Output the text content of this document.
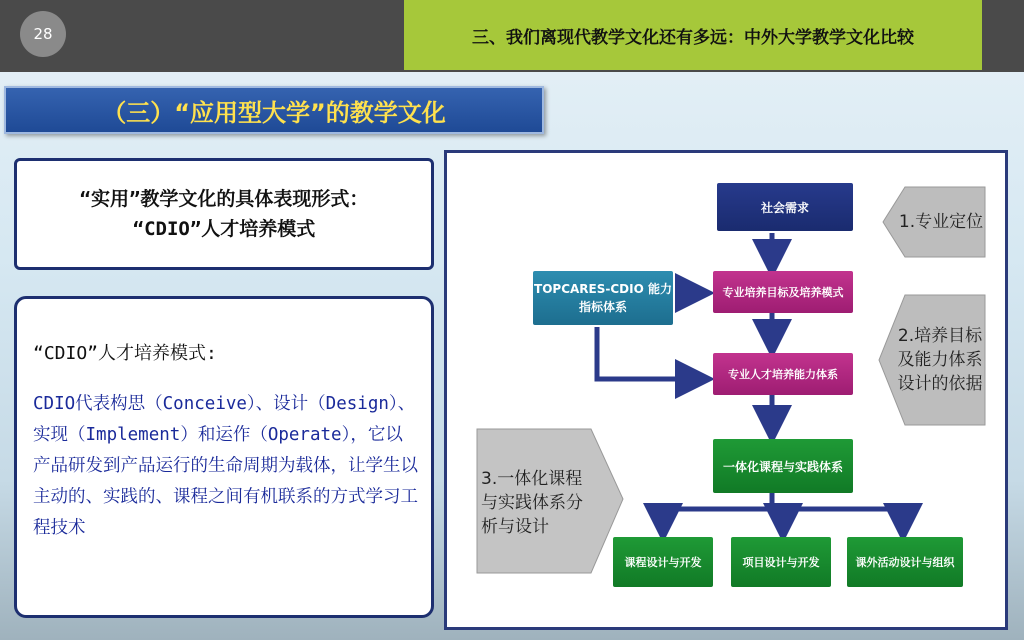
28	三、我们离现代教学文化还有多远：中外大学教学文化比较
（三）“应用型大学”的教学文化
“实用”教学文化的具体表现形式：
“CDIO”人才培养模式
“CDIO”人才培养模式:
CDIO代表构思（Conceive）、设计（Design）、实现（Implement）和运作（Operate），它以产品研发到产品运行的生命周期为载体，让学生以主动的、实践的、课程之间有机联系的方式学习工程技术
社会需求
TOPCARES-CDIO 能力指标体系
专业培养目标及培养模式
专业人才培养能力体系
一体化课程与实践体系
课程设计与开发	项目设计与开发	课外活动设计与组织
1.专业定位
2.培养目标及能力体系设计的依据
3.一体化课程与实践体系分析与设计
